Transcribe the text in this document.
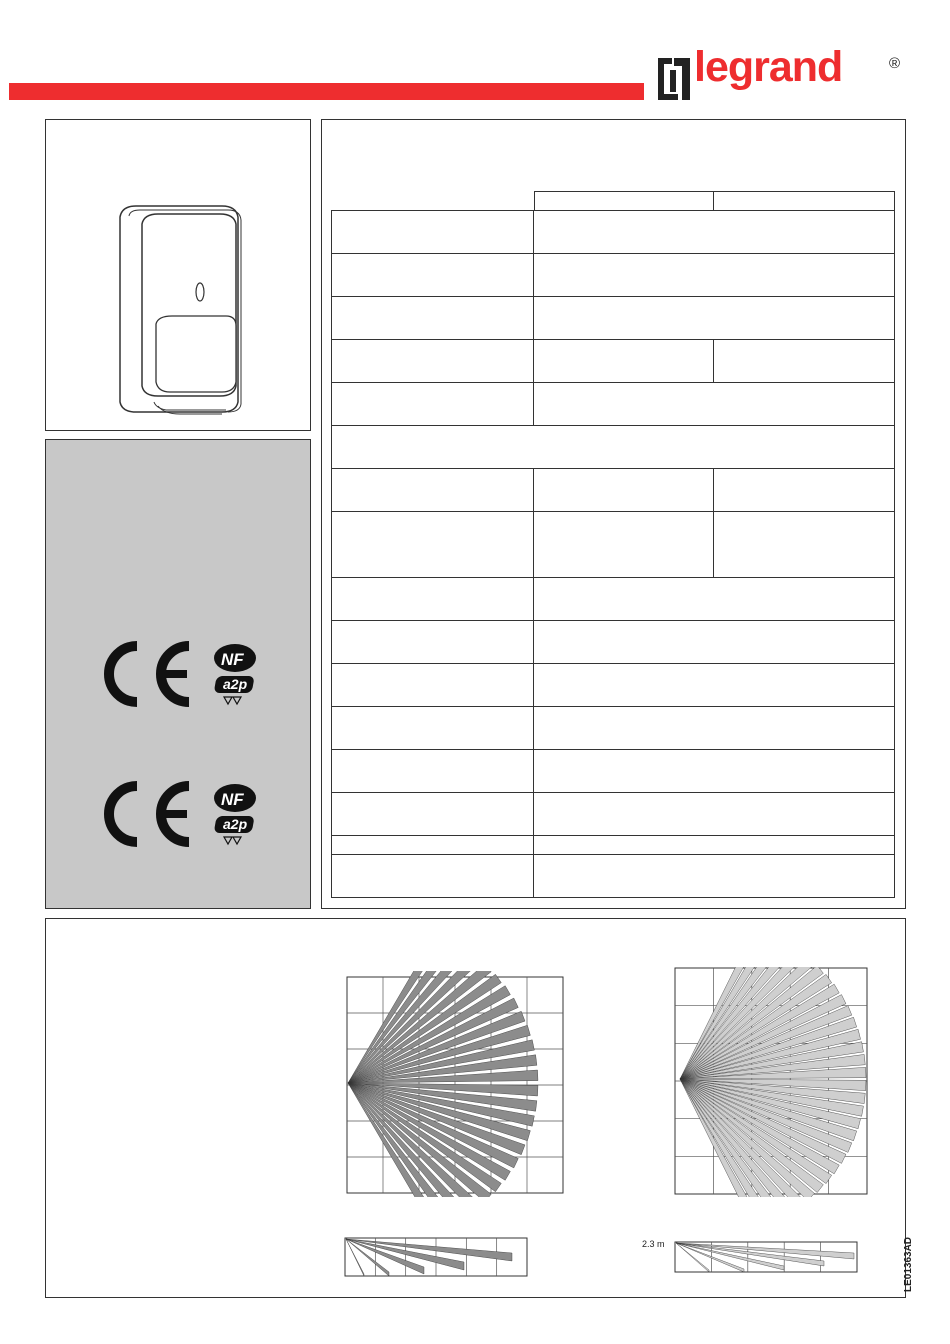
legrand	®
NF
a2p
NF
a2p
2.3 m	LE01363AD
